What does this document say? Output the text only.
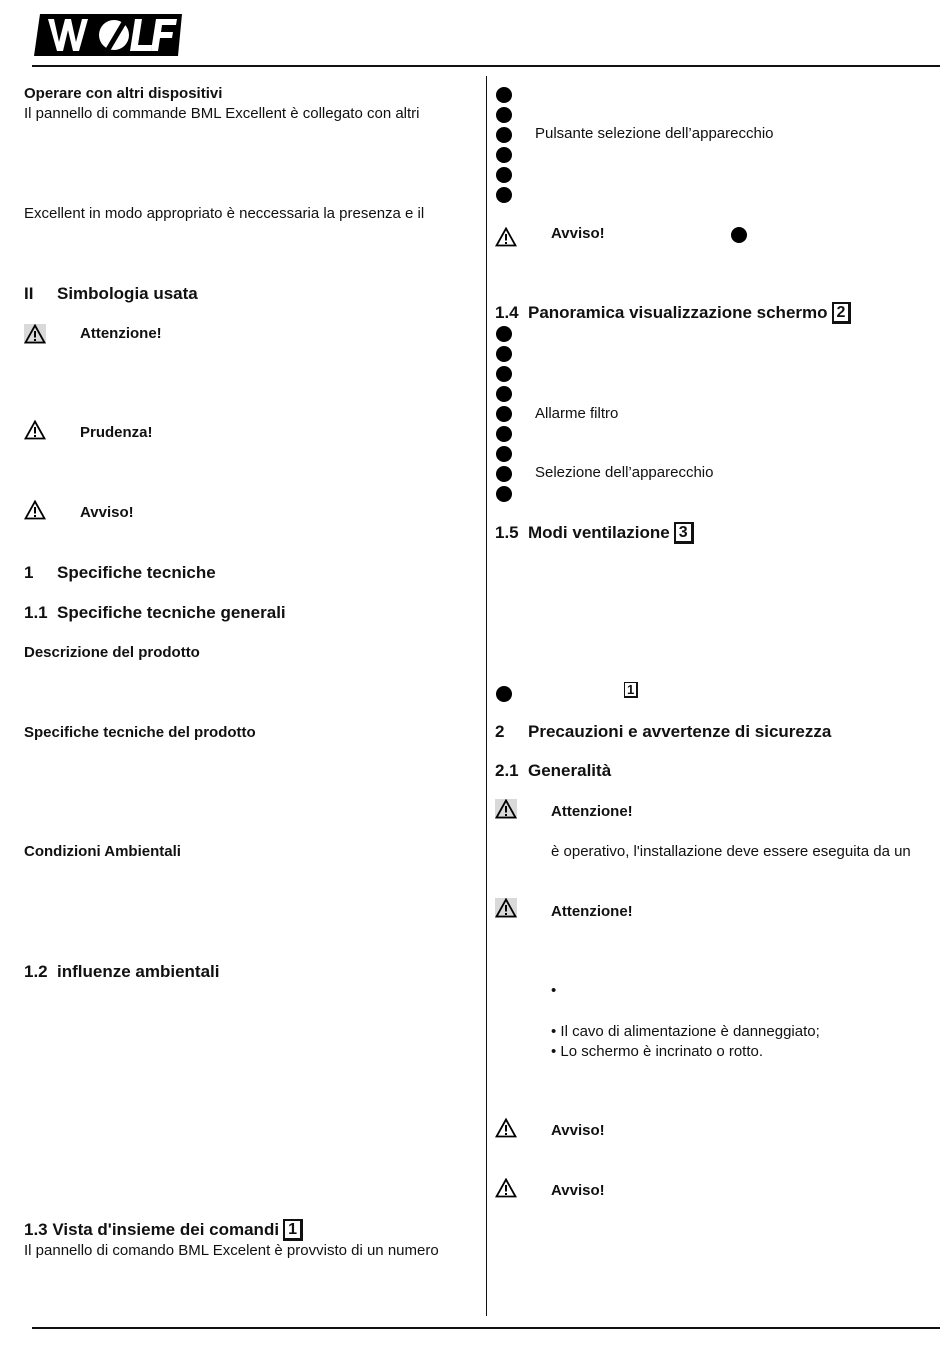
Operare con altri dispositivi
Il pannello di commande BML Excellent è collegato con altri
Excellent in modo appropriato è neccessaria la presenza e il
II Simbologia usata
Attenzione!
Prudenza!
Avviso!
1 Specifiche tecniche
1.1 Specifiche tecniche generali
Descrizione del prodotto
Specifiche tecniche del prodotto
Condizioni Ambientali
1.2 influenze ambientali
1.3 Vista d'insieme dei comandi 1
Il pannello di comando BML Excelent è provvisto di un numero
Pulsante selezione dell’apparecchio
Avviso!
1.4 Panoramica visualizzazione schermo 2
Allarme filtro
Selezione dell’apparecchio
1.5 Modi ventilazione 3
1
2 Precauzioni e avvertenze di sicurezza
2.1 Generalità
Attenzione!
è operativo, l'installazione deve essere eseguita da un
Attenzione!
•
• Il cavo di alimentazione è danneggiato;
• Lo schermo è incrinato o rotto.
Avviso!
Avviso!
